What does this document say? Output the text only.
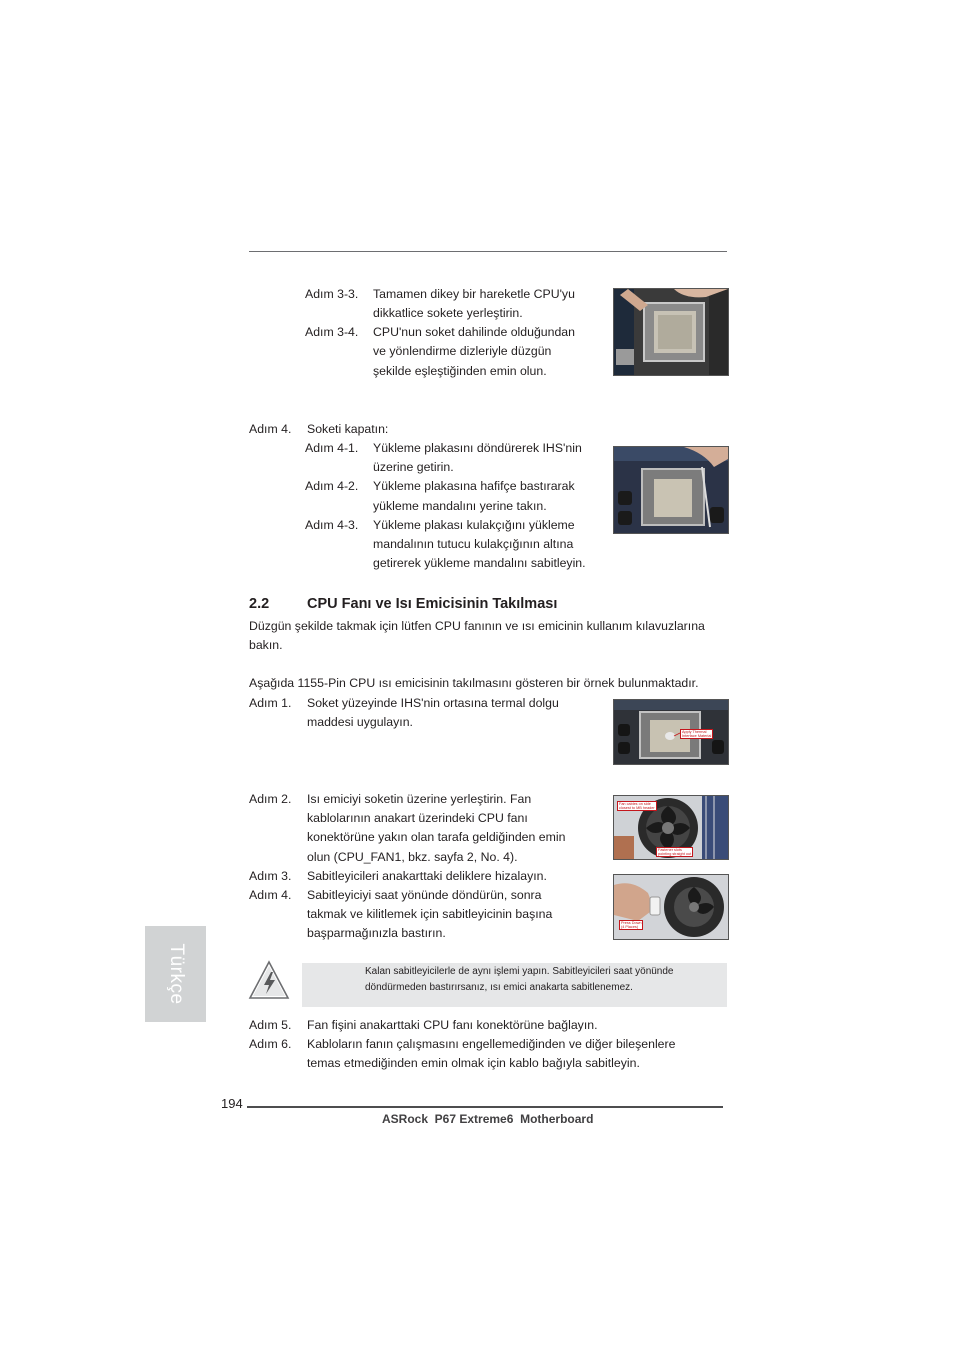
Adım 3-3. Tamamen dikey bir hareketle CPU'yu
dikkatlice sokete yerleştirin.
Adım 3-4. CPU'nun soket dahilinde olduğundan
ve yönlendirme dizleriyle düzgün
şekilde eşleştiğinden emin olun.
Adım 4. Soketi kapatın:
Adım 4-1. Yükleme plakasını döndürerek IHS'nin
üzerine getirin.
Adım 4-2. Yükleme plakasına hafifçe bastırarak
yükleme mandalını yerine takın.
Adım 4-3. Yükleme plakası kulakçığını yükleme
mandalının tutucu kulakçığının altına
getirerek yükleme mandalını sabitleyin.
2.2	CPU Fanı ve Isı Emicisinin Takılması
Düzgün şekilde takmak için lütfen CPU fanının ve ısı emicinin kullanım kılavuzlarına
bakın.
Aşağıda 1155-Pin CPU ısı emicisinin takılmasını gösteren bir örnek bulunmaktadır.
Adım 1. Soket yüzeyinde IHS'nin ortasına termal dolgu
maddesi uygulayın.
Apply Thermal
Interface Material
Adım 2. Isı emiciyi soketin üzerine yerleştirin. Fan
kablolarının anakart üzerindeki CPU fanı
konektörüne yakın olan tarafa geldiğinden emin
olun (CPU_FAN1, bkz. sayfa 2, No. 4).
Fan cables on side
closest to MB header
Fastener slots
pointing straight out
Adım 3. Sabitleyicileri anakarttaki deliklere hizalayın.
Adım 4. Sabitleyiciyi saat yönünde döndürün, sonra
takmak ve kilitlemek için sabitleyicinin başına
başparmağınızla bastırın.
Press Down
(4 Places)
Kalan sabitleyicilerle de aynı işlemi yapın. Sabitleyicileri saat yönünde
döndürmeden bastırırsanız, ısı emici anakarta sabitlenemez.
Adım 5. Fan fişini anakarttaki CPU fanı konektörüne bağlayın.
Adım 6. Kabloların fanın çalışmasını engellemediğinden ve diğer bileşenlere
temas etmediğinden emin olmak için kablo bağıyla sabitleyin.
Türkçe
194
ASRock  P67 Extreme6  Motherboard
